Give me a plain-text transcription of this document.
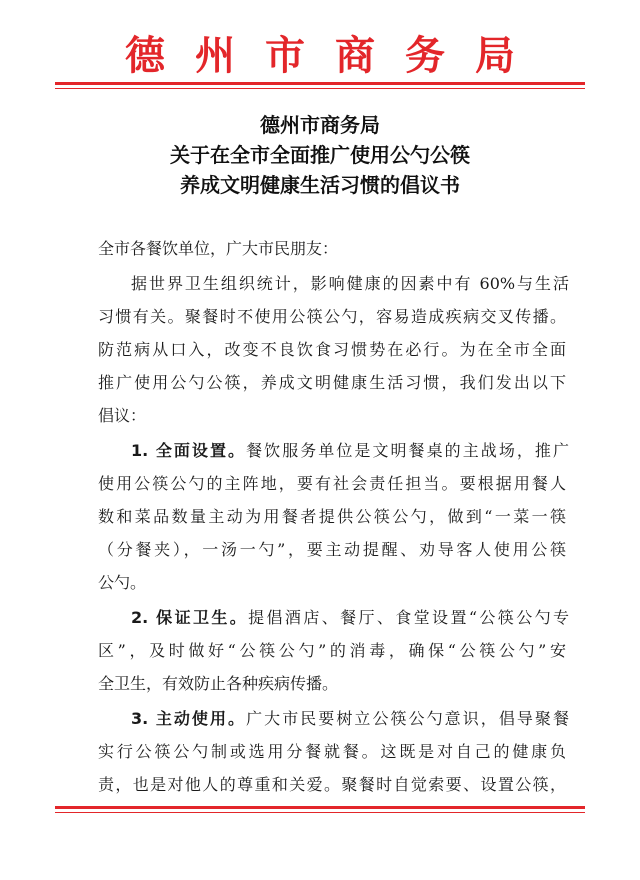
德州市商务局
德州市商务局
关于在全市全面推广使用公勺公筷
养成文明健康生活习惯的倡议书
全市各餐饮单位，广大市民朋友：
据世界卫生组织统计，影响健康的因素中有 60%与生活
习惯有关。聚餐时不使用公筷公勺，容易造成疾病交叉传播。
防范病从口入，改变不良饮食习惯势在必行。为在全市全面
推广使用公勺公筷，养成文明健康生活习惯，我们发出以下
倡议：
1. 全面设置。餐饮服务单位是文明餐桌的主战场，推广
使用公筷公勺的主阵地，要有社会责任担当。要根据用餐人
数和菜品数量主动为用餐者提供公筷公勺，做到“一菜一筷
（分餐夹），一汤一勺”，要主动提醒、劝导客人使用公筷
公勺。
2. 保证卫生。提倡酒店、餐厅、食堂设置“公筷公勺专
区”，及时做好“公筷公勺”的消毒，确保“公筷公勺”安
全卫生，有效防止各种疾病传播。
3. 主动使用。广大市民要树立公筷公勺意识，倡导聚餐
实行公筷公勺制或选用分餐就餐。这既是对自己的健康负
责，也是对他人的尊重和关爱。聚餐时自觉索要、设置公筷，
